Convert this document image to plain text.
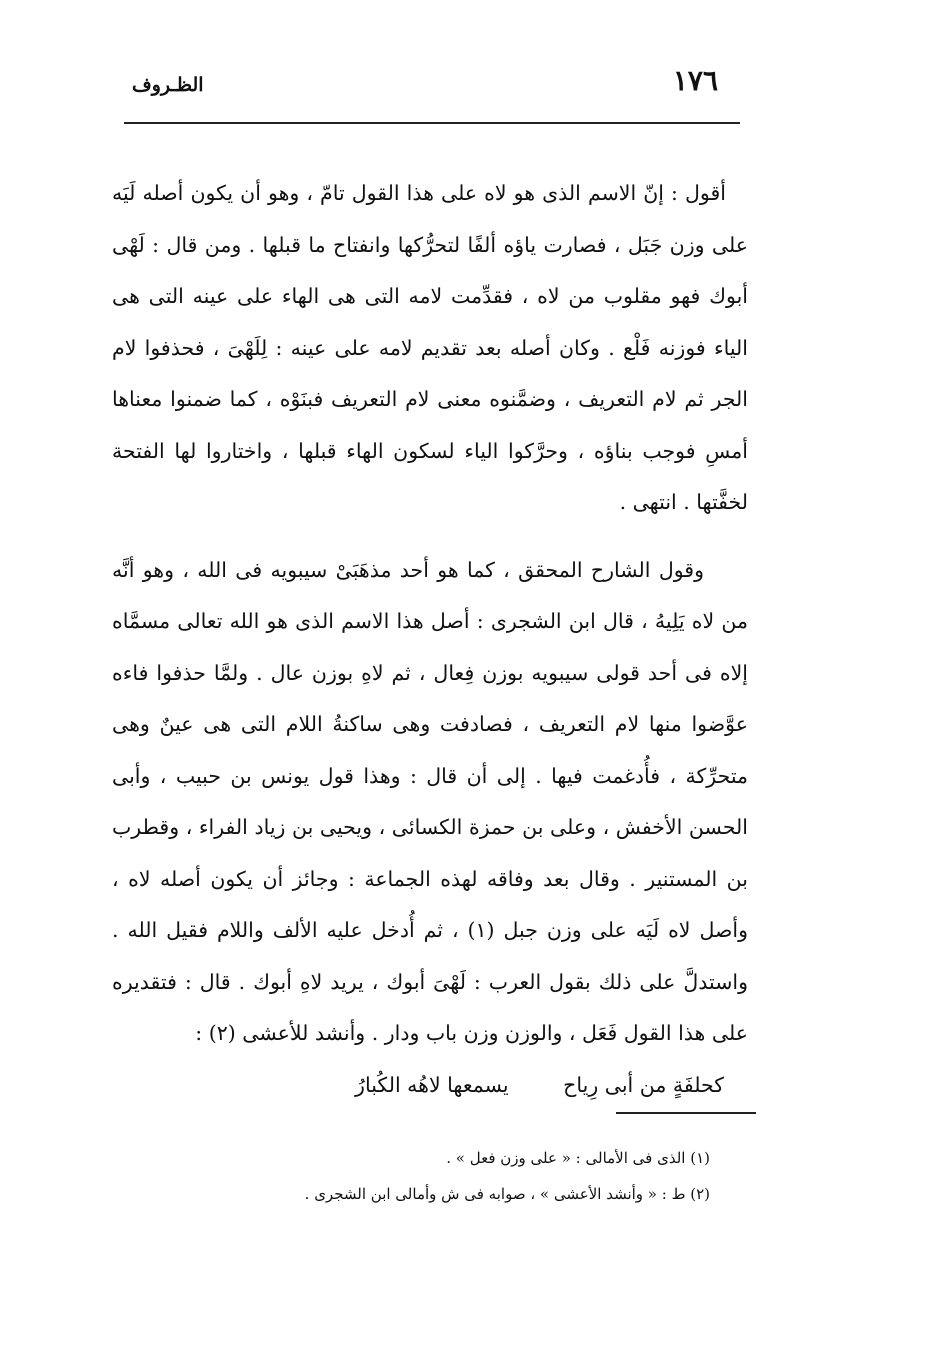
١٧٦
الظـروف

أقول : إنّ الاسم الذى هو لاه على هذا القول تامّ ، وهو أن يكون أصله لَيَه على وزن جَبَل ، فصارت ياؤه ألفًا لتحرُّكها وانفتاح ما قبلها . ومن قال : لَهْى أبوك فهو مقلوب من لاه ، فقدِّمت لامه التى هى الهاء على عينه التى هى الياء فوزنه فَلْع . وكان أصله بعد تقديم لامه على عينه : لِلَهْىَ ، فحذفوا لام الجر ثم لام التعريف ، وضمَّنوه معنى لام التعريف فبنَوْه ، كما ضمنوا معناها أمسِ فوجب بناؤه ، وحرَّكوا الياء لسكون الهاء قبلها ، واختاروا لها الفتحة لخفَّتها . انتهى .

وقول الشارح المحقق ، كما هو أحد مذهَبَىْ سيبويه فى الله ، وهو أنَّه من لاه يَلِيهُ ، قال ابن الشجرى : أصل هذا الاسم الذى هو الله تعالى مسمَّاه إلاه فى أحد قولى سيبويه بوزن فِعال ، ثم لاهِ بوزن عال . ولمَّا حذفوا فاءه عوَّضوا منها لام التعريف ، فصادفت وهى ساكنةُ اللام التى هى عينٌ وهى متحرِّكة ، فأُدغمت فيها . إلى أن قال : وهذا قول يونس بن حبيب ، وأبى الحسن الأخفش ، وعلى بن حمزة الكسائى ، ويحيى بن زياد الفراء ، وقطرب بن المستنير . وقال بعد وفاقه لهذه الجماعة : وجائز أن يكون أصله لاه ، وأصل لاه لَيَه على وزن جبل (١) ، ثم أُدخل عليه الألف واللام فقيل الله . واستدلَّ على ذلك بقول العرب : لَهْىَ أبوك ، يريد لاهِ أبوك . قال : فتقديره على هذا القول فَعَل ، والوزن وزن باب ودار . وأنشد للأعشى (٢) :

كحلفَةٍ من أبى رِياح يسمعها لاهُه الكُبارُ

(١) الذى فى الأمالى : « على وزن فعل » .

(٢) ط : « وأنشد الأعشى » ، صوابه فى ش وأمالى ابن الشجرى .
